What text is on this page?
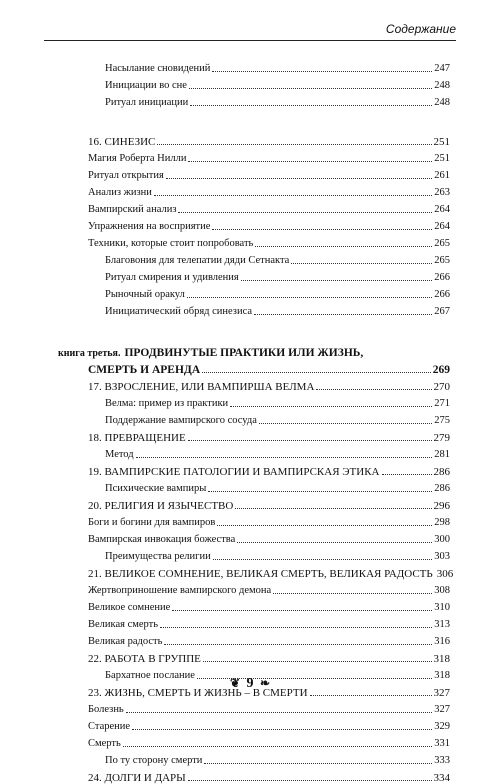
Содержание
Насылание сновидений	247
Инициации во сне	248
Ритуал инициации	248
16. СИНЕЗИС	251
Магия Роберта Нилли	251
Ритуал открытия	261
Анализ жизни	263
Вампирский анализ	264
Упражнения на восприятие	264
Техники, которые стоит попробовать	265
Благовония для телепатии дяди Сетнакта	265
Ритуал смирения и удивления	266
Рыночный оракул	266
Инициатический обряд синезиса	267
книга третья. ПРОДВИНУТЫЕ ПРАКТИКИ ИЛИ ЖИЗНЬ,
СМЕРТЬ И АРЕНДА	269
17. ВЗРОСЛЕНИЕ, ИЛИ ВАМПИРША ВЕЛМА	270
Велма: пример из практики	271
Поддержание вампирского сосуда	275
18. ПРЕВРАЩЕНИЕ	279
Метод	281
19. ВАМПИРСКИЕ ПАТОЛОГИИ И ВАМПИРСКАЯ ЭТИКА	286
Психические вампиры	286
20. РЕЛИГИЯ И ЯЗЫЧЕСТВО	296
Боги и богини для вампиров	298
Вампирская инвокация божества	300
Преимущества религии	303
21. ВЕЛИКОЕ СОМНЕНИЕ, ВЕЛИКАЯ СМЕРТЬ, ВЕЛИКАЯ РАДОСТЬ 306
Жертвоприношение вампирского демона	308
Великое сомнение	310
Великая смерть	313
Великая радость	316
22. РАБОТА В ГРУППЕ	318
Бархатное послание	318
23. ЖИЗНЬ, СМЕРТЬ И ЖИЗНЬ – В СМЕРТИ	327
Болезнь	327
Старение	329
Смерть	331
По ту сторону смерти	333
24. ДОЛГИ И ДАРЫ	334
❦ 9 ❧
